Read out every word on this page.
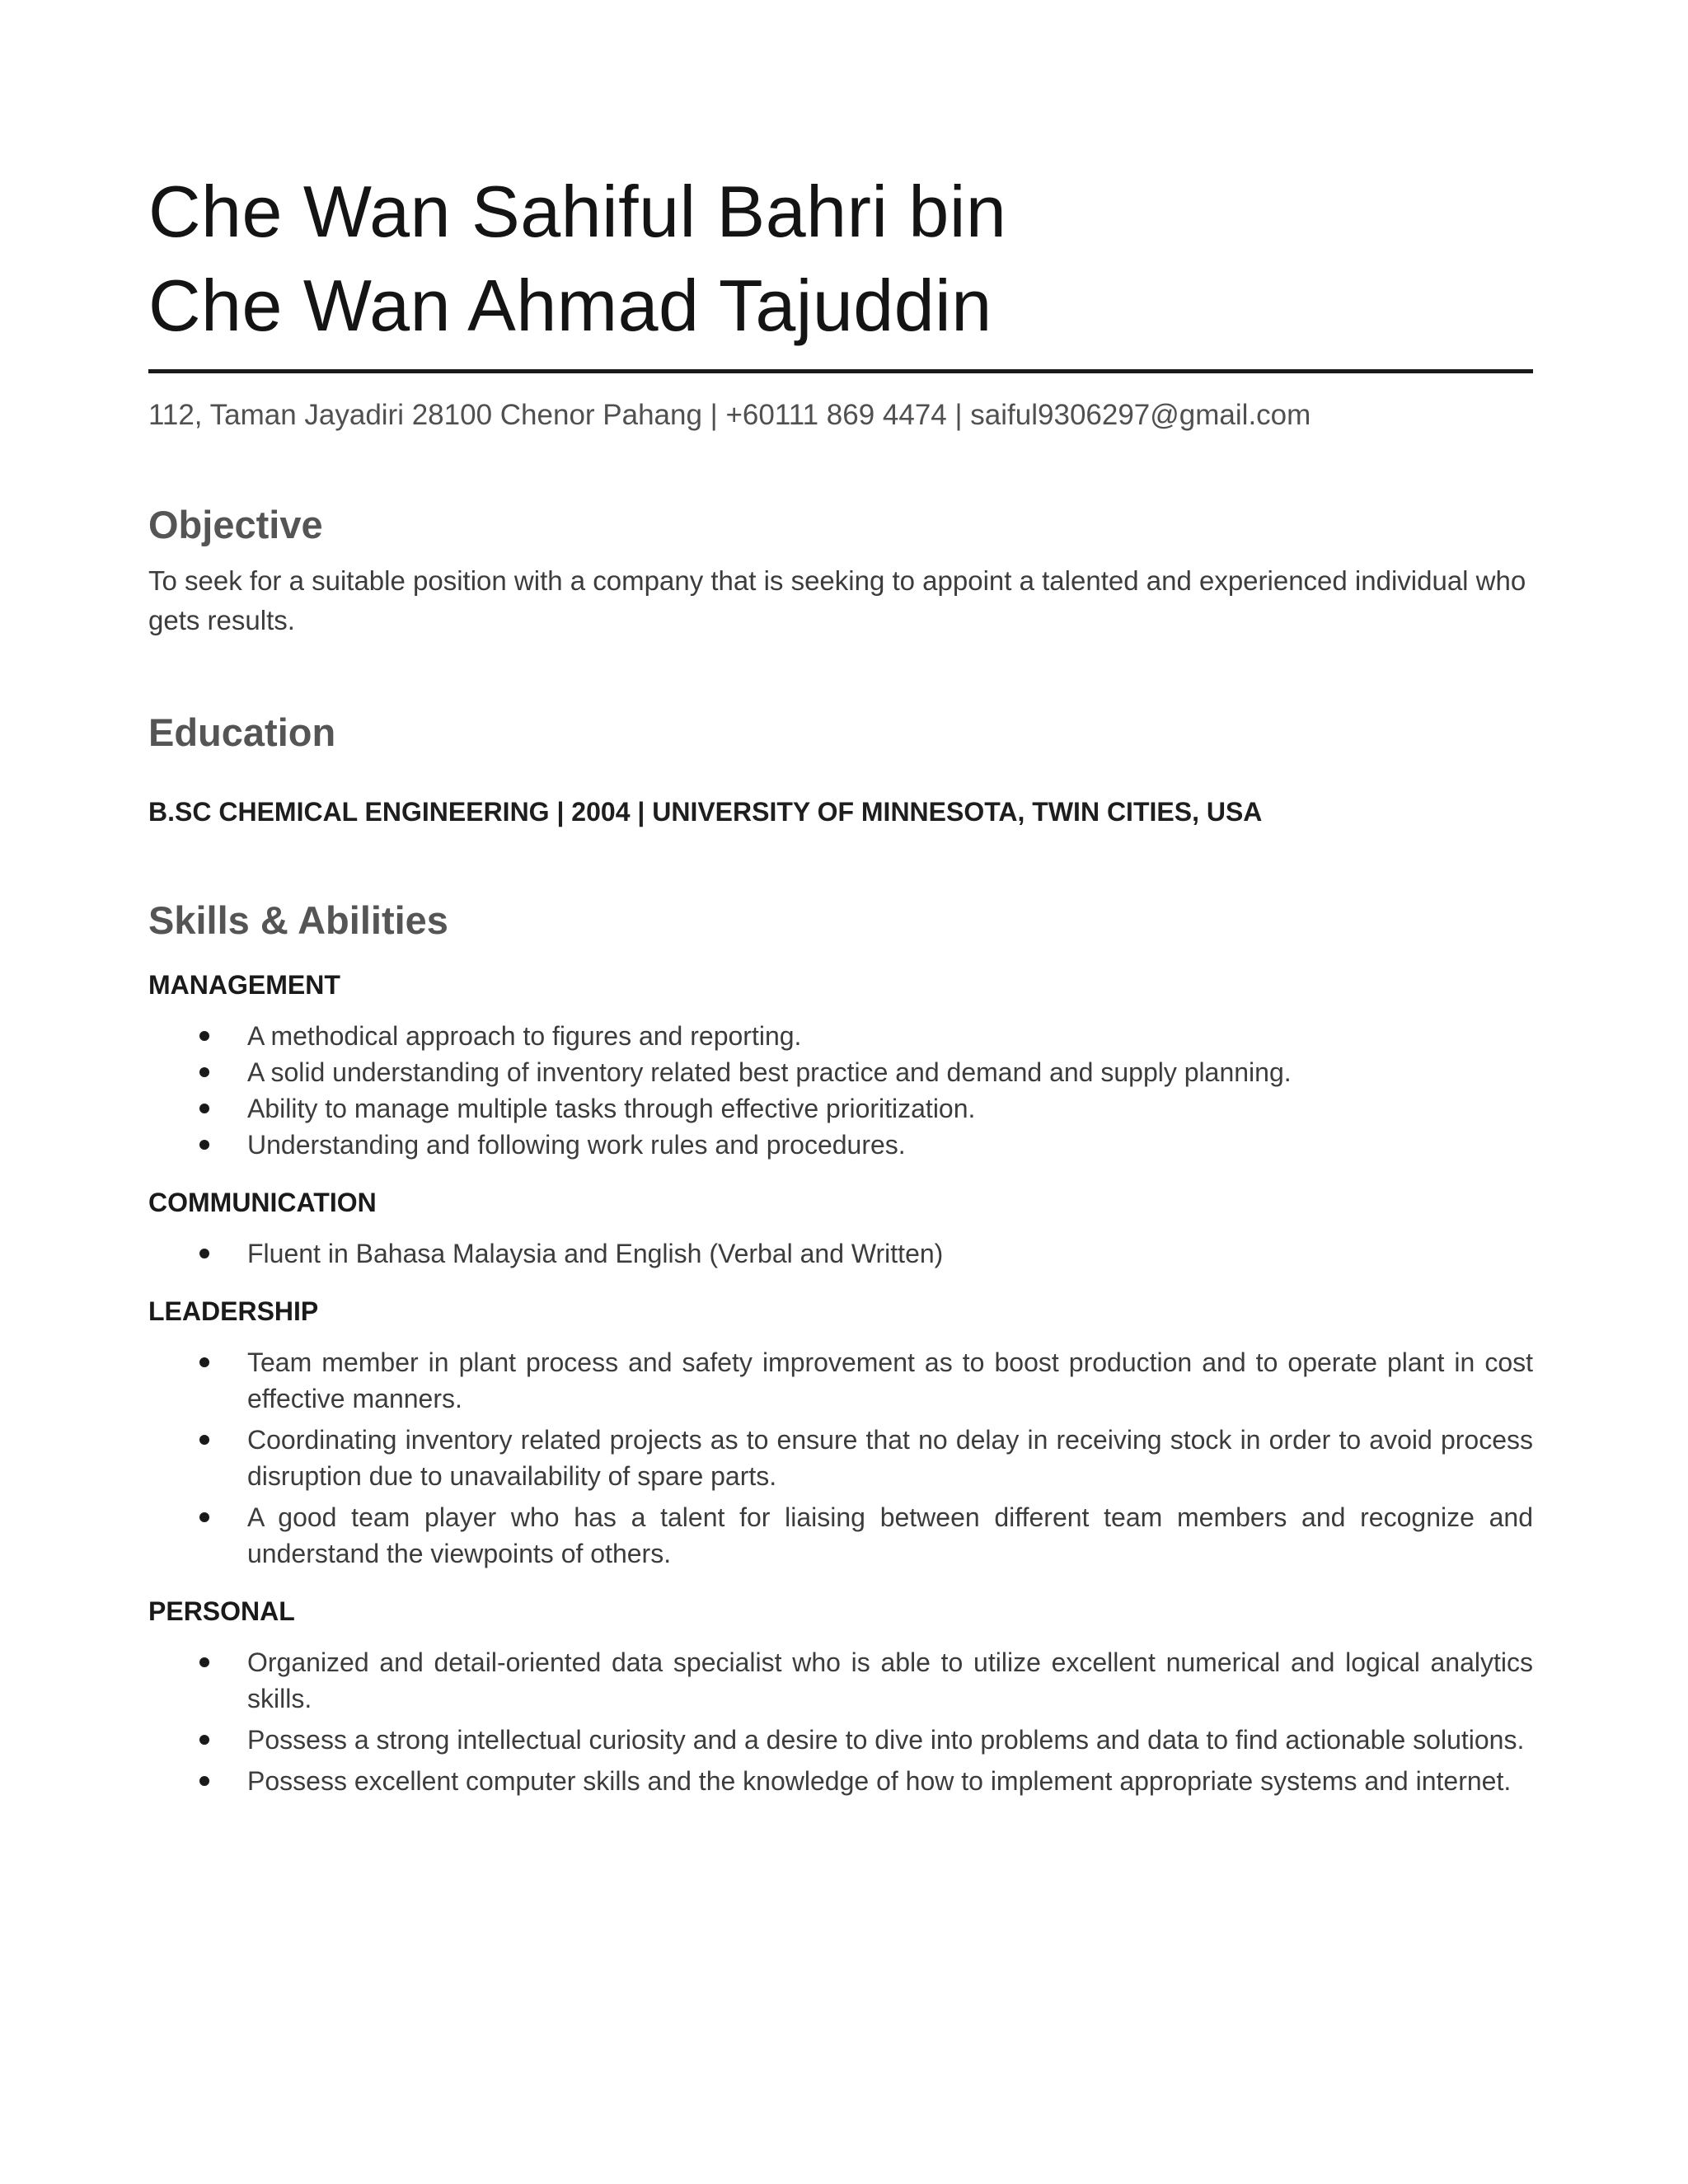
Che Wan Sahiful Bahri bin
Che Wan Ahmad Tajuddin
112, Taman Jayadiri 28100 Chenor Pahang | +60111 869 4474 | saiful9306297@gmail.com
Objective
To seek for a suitable position with a company that is seeking to appoint a talented and experienced individual who gets results.
Education
B.SC CHEMICAL ENGINEERING | 2004 | UNIVERSITY OF MINNESOTA, TWIN CITIES, USA
Skills & Abilities
MANAGEMENT
A methodical approach to figures and reporting.
A solid understanding of inventory related best practice and demand and supply planning.
Ability to manage multiple tasks through effective prioritization.
Understanding and following work rules and procedures.
COMMUNICATION
Fluent in Bahasa Malaysia and English (Verbal and Written)
LEADERSHIP
Team member in plant process and safety improvement as to boost production and to operate plant in cost effective manners.
Coordinating inventory related projects as to ensure that no delay in receiving stock in order to avoid process disruption due to unavailability of spare parts.
A good team player who has a talent for liaising between different team members and recognize and understand the viewpoints of others.
PERSONAL
Organized and detail-oriented data specialist who is able to utilize excellent numerical and logical analytics skills.
Possess a strong intellectual curiosity and a desire to dive into problems and data to find actionable solutions.
Possess excellent computer skills and the knowledge of how to implement appropriate systems and internet.
